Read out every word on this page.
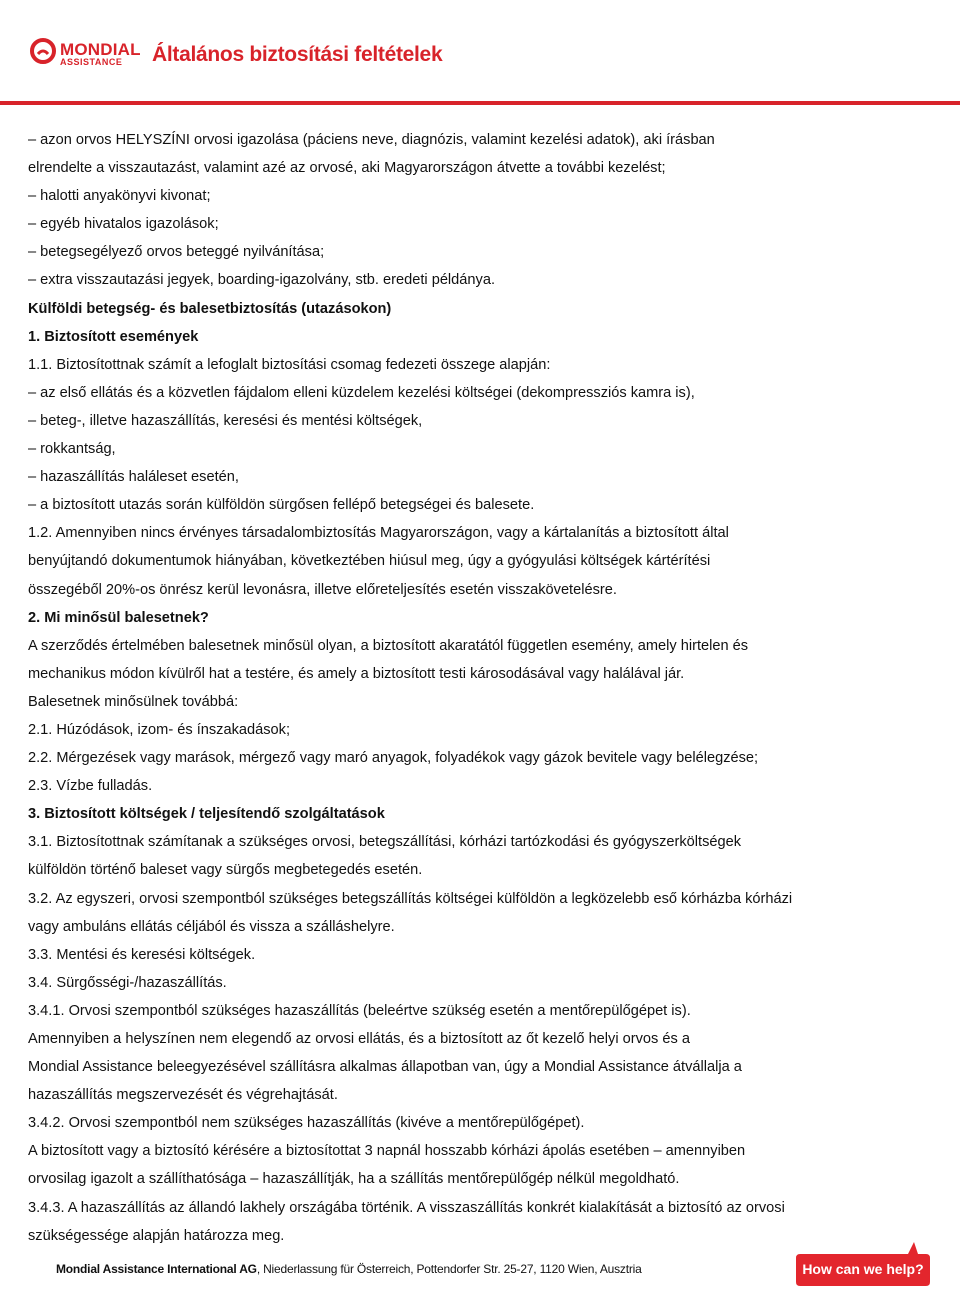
MONDIAL
ASSISTANCE Általános biztosítási feltételek
– azon orvos HELYSZÍNI orvosi igazolása (páciens neve, diagnózis, valamint kezelési adatok), aki írásban
elrendelte a visszautazást, valamint azé az orvosé, aki Magyarországon átvette a további kezelést;
– halotti anyakönyvi kivonat;
– egyéb hivatalos igazolások;
– betegsegélyező orvos beteggé nyilvánítása;
– extra visszautazási jegyek, boarding-igazolvány, stb. eredeti példánya.
Külföldi betegség- és balesetbiztosítás (utazásokon)
1. Biztosított események
1.1. Biztosítottnak számít a lefoglalt biztosítási csomag fedezeti összege alapján:
– az első ellátás és a közvetlen fájdalom elleni küzdelem kezelési költségei (dekompressziós kamra is),
– beteg-, illetve hazaszállítás, keresési és mentési költségek,
– rokkantság,
– hazaszállítás haláleset esetén,
– a biztosított utazás során külföldön sürgősen fellépő betegségei és balesete.
1.2. Amennyiben nincs érvényes társadalombiztosítás Magyarországon, vagy a kártalanítás a biztosított által
benyújtandó dokumentumok hiányában, következtében hiúsul meg, úgy a gyógyulási költségek kártérítési
összegéből 20%-os önrész kerül levonásra, illetve előreteljesítés esetén visszakövetelésre.
2. Mi minősül balesetnek?
A szerződés értelmében balesetnek minősül olyan, a biztosított akaratától független esemény, amely hirtelen és
mechanikus módon kívülről hat a testére, és amely a biztosított testi károsodásával vagy halálával jár.
Balesetnek minősülnek továbbá:
2.1. Húzódások, izom- és ínszakadások;
2.2. Mérgezések vagy marások, mérgező vagy maró anyagok, folyadékok vagy gázok bevitele vagy belélegzése;
2.3. Vízbe fulladás.
3. Biztosított költségek / teljesítendő szolgáltatások
3.1. Biztosítottnak számítanak a szükséges orvosi, betegszállítási, kórházi tartózkodási és gyógyszerköltségek
külföldön történő baleset vagy sürgős megbetegedés esetén.
3.2. Az egyszeri, orvosi szempontból szükséges betegszállítás költségei külföldön a legközelebb eső kórházba kórházi
vagy ambuláns ellátás céljából és vissza a szálláshelyre.
3.3. Mentési és keresési költségek.
3.4. Sürgősségi-/hazaszállítás.
3.4.1. Orvosi szempontból szükséges hazaszállítás (beleértve szükség esetén a mentőrepülőgépet is).
Amennyiben a helyszínen nem elegendő az orvosi ellátás, és a biztosított az őt kezelő helyi orvos és a
Mondial Assistance beleegyezésével szállításra alkalmas állapotban van, úgy a Mondial Assistance átvállalja a
hazaszállítás megszervezését és végrehajtását.
3.4.2. Orvosi szempontból nem szükséges hazaszállítás (kivéve a mentőrepülőgépet).
A biztosított vagy a biztosító kérésére a biztosítottat 3 napnál hosszabb kórházi ápolás esetében – amennyiben
orvosilag igazolt a szállíthatósága – hazaszállítják, ha a szállítás mentőrepülőgép nélkül megoldható.
3.4.3. A hazaszállítás az állandó lakhely országába történik. A visszaszállítás konkrét kialakítását a biztosító az orvosi
szükségessége alapján határozza meg.
Mondial Assistance International AG, Niederlassung für Österreich, Pottendorfer Str. 25-27, 1120 Wien, Ausztria	How can we help?
